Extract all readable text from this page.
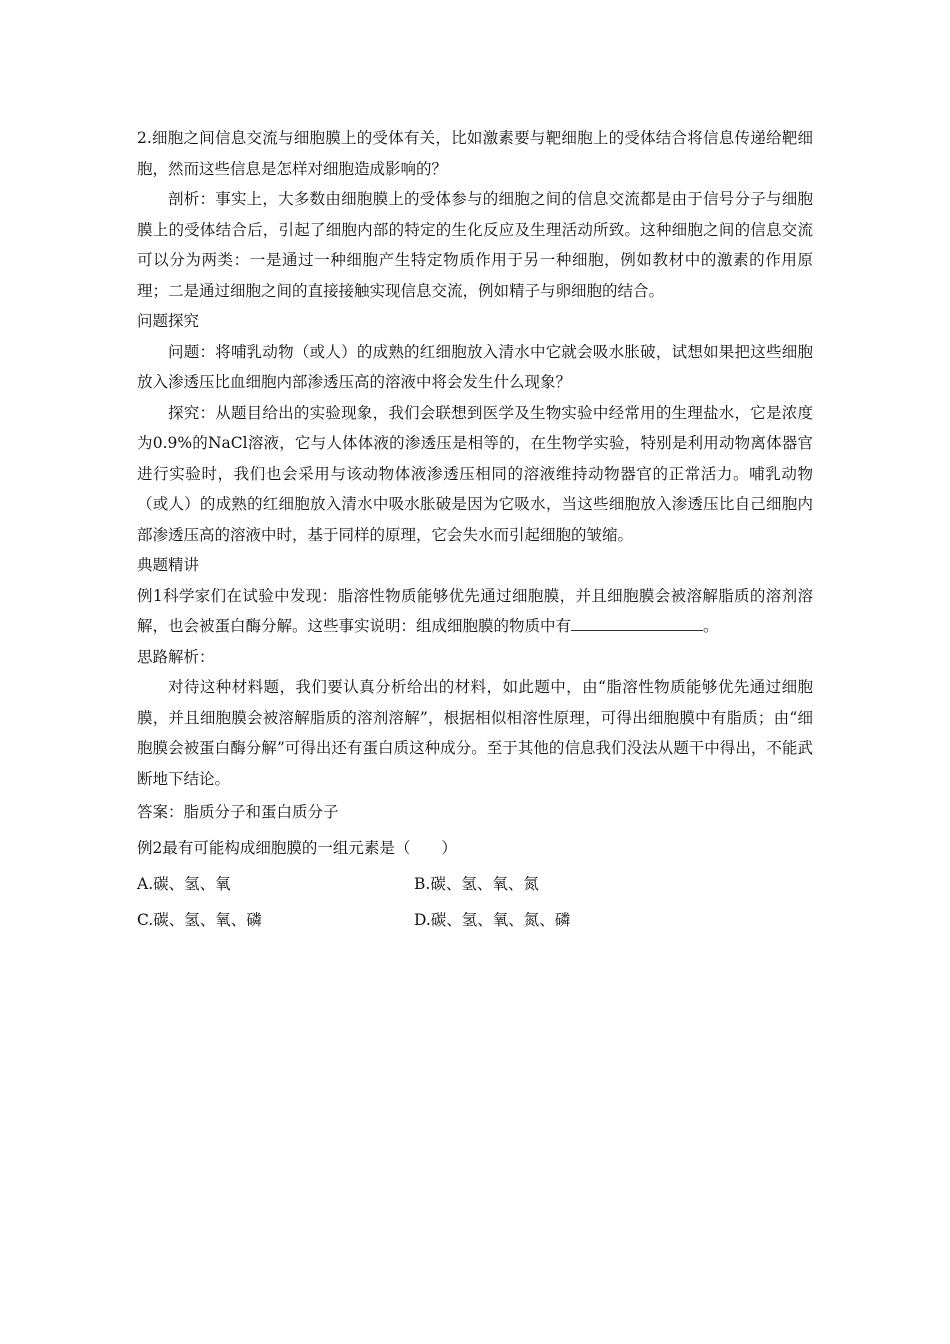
2.细胞之间信息交流与细胞膜上的受体有关，比如激素要与靶细胞上的受体结合将信息传递给靶细胞，然而这些信息是怎样对细胞造成影响的？

剖析：事实上，大多数由细胞膜上的受体参与的细胞之间的信息交流都是由于信号分子与细胞膜上的受体结合后，引起了细胞内部的特定的生化反应及生理活动所致。这种细胞之间的信息交流可以分为两类：一是通过一种细胞产生特定物质作用于另一种细胞，例如教材中的激素的作用原理；二是通过细胞之间的直接接触实现信息交流，例如精子与卵细胞的结合。

问题探究

问题：将哺乳动物（或人）的成熟的红细胞放入清水中它就会吸水胀破，试想如果把这些细胞放入渗透压比血细胞内部渗透压高的溶液中将会发生什么现象？

探究：从题目给出的实验现象，我们会联想到医学及生物实验中经常用的生理盐水，它是浓度为0.9%的NaCl溶液，它与人体体液的渗透压是相等的，在生物学实验，特别是利用动物离体器官进行实验时，我们也会采用与该动物体液渗透压相同的溶液维持动物器官的正常活力。哺乳动物（或人）的成熟的红细胞放入清水中吸水胀破是因为它吸水，当这些细胞放入渗透压比自己细胞内部渗透压高的溶液中时，基于同样的原理，它会失水而引起细胞的皱缩。

典题精讲

例1科学家们在试验中发现：脂溶性物质能够优先通过细胞膜，并且细胞膜会被溶解脂质的溶剂溶解，也会被蛋白酶分解。这些事实说明：组成细胞膜的物质中有	。

思路解析：

对待这种材料题，我们要认真分析给出的材料，如此题中，由“脂溶性物质能够优先通过细胞膜，并且细胞膜会被溶解脂质的溶剂溶解”，根据相似相溶性原理，可得出细胞膜中有脂质；由“细胞膜会被蛋白酶分解”可得出还有蛋白质这种成分。至于其他的信息我们没法从题干中得出，不能武断地下结论。

答案：脂质分子和蛋白质分子

例2最有可能构成细胞膜的一组元素是（　　）

A.碳、氢、氧	B.碳、氢、氧、氮

C.碳、氢、氧、磷	D.碳、氢、氧、氮、磷
